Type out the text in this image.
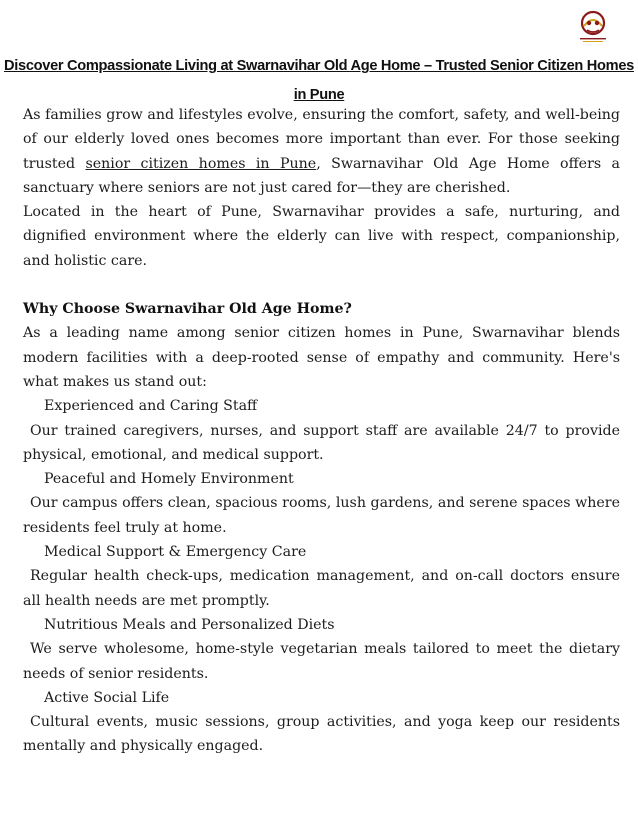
Discover Compassionate Living at Swarnavihar Old Age Home – Trusted Senior Citizen Homes in Pune

As families grow and lifestyles evolve, ensuring the comfort, safety, and well-being of our elderly loved ones becomes more important than ever. For those seeking trusted senior citizen homes in Pune, Swarnavihar Old Age Home offers a sanctuary where seniors are not just cared for—they are cherished.

Located in the heart of Pune, Swarnavihar provides a safe, nurturing, and dignified environment where the elderly can live with respect, companionship, and holistic care.

Why Choose Swarnavihar Old Age Home?

As a leading name among senior citizen homes in Pune, Swarnavihar blends modern facilities with a deep-rooted sense of empathy and community. Here's what makes us stand out:

Experienced and Caring Staff

Our trained caregivers, nurses, and support staff are available 24/7 to provide physical, emotional, and medical support.

Peaceful and Homely Environment

Our campus offers clean, spacious rooms, lush gardens, and serene spaces where residents feel truly at home.

Medical Support & Emergency Care

Regular health check-ups, medication management, and on-call doctors ensure all health needs are met promptly.

Nutritious Meals and Personalized Diets

We serve wholesome, home-style vegetarian meals tailored to meet the dietary needs of senior residents.

Active Social Life

Cultural events, music sessions, group activities, and yoga keep our residents mentally and physically engaged.
